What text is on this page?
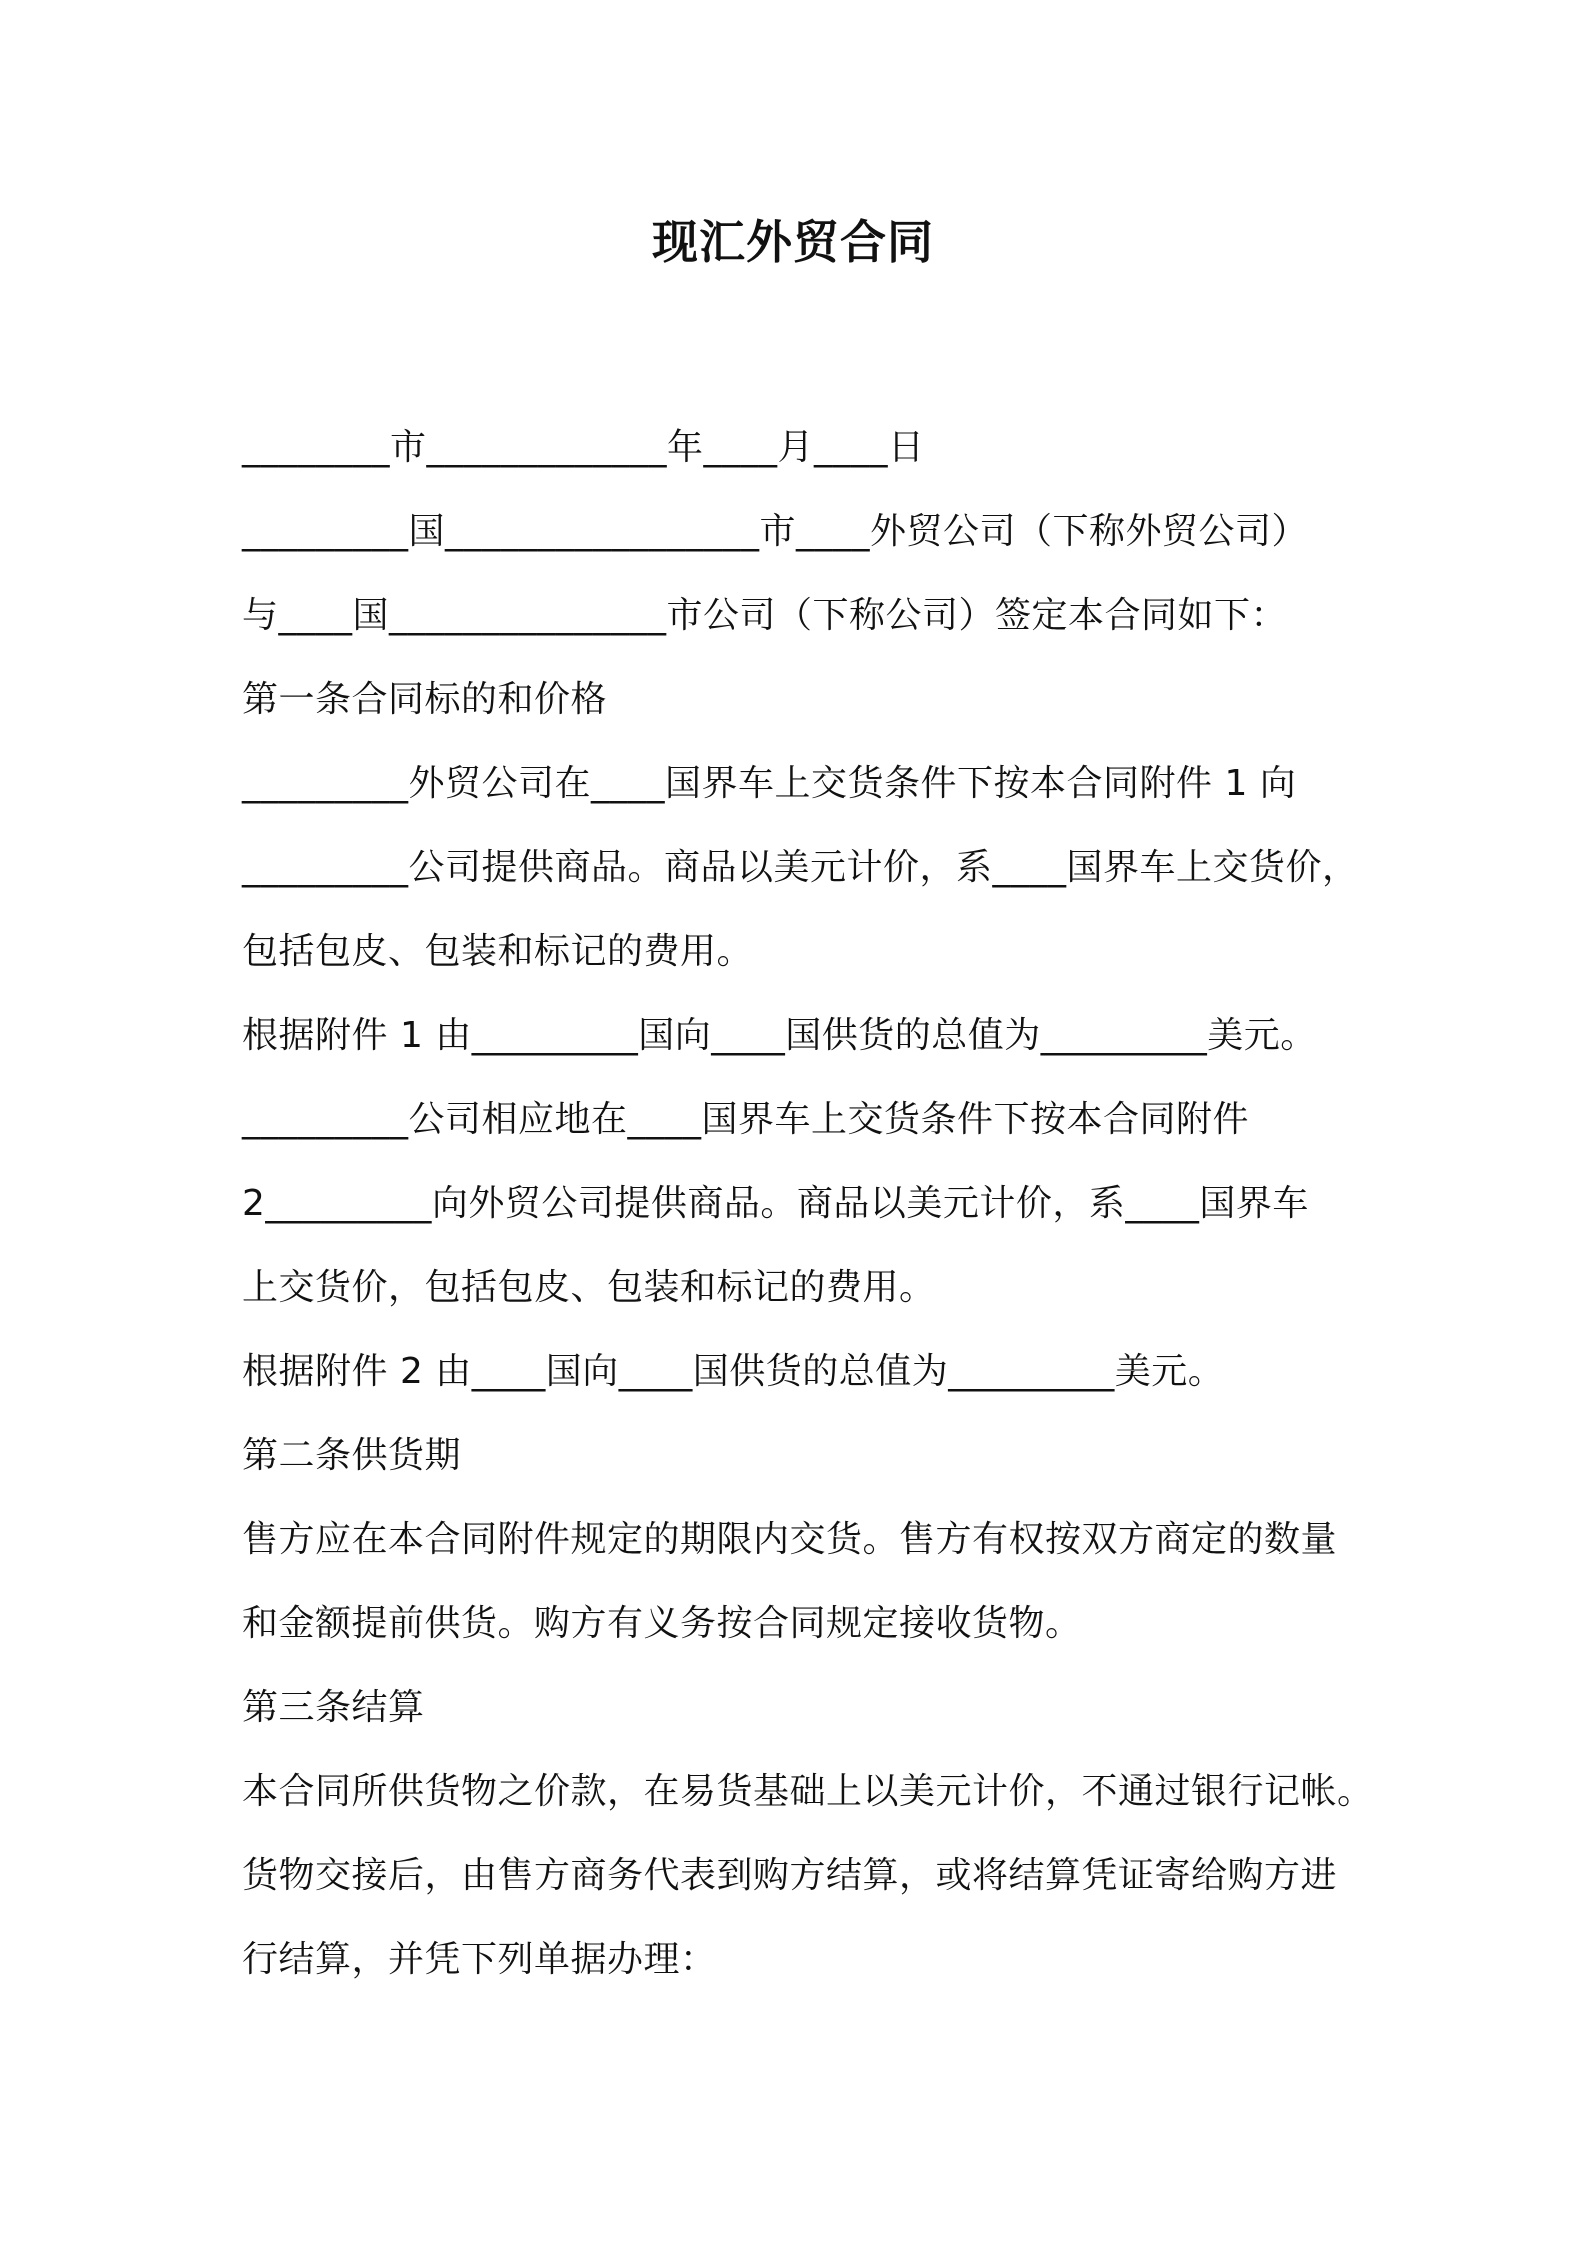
现汇外贸合同
________市_____________年____月____日
_________国_________________市____外贸公司（下称外贸公司）
与____国_______________市公司（下称公司）签定本合同如下：
第一条合同标的和价格
_________外贸公司在____国界车上交货条件下按本合同附件 1 向
_________公司提供商品。商品以美元计价，系____国界车上交货价，
包括包皮、包装和标记的费用。
根据附件 1 由_________国向____国供货的总值为_________美元。
_________公司相应地在____国界车上交货条件下按本合同附件
2_________向外贸公司提供商品。商品以美元计价，系____国界车
上交货价，包括包皮、包装和标记的费用。
根据附件 2 由____国向____国供货的总值为_________美元。
第二条供货期
售方应在本合同附件规定的期限内交货。售方有权按双方商定的数量
和金额提前供货。购方有义务按合同规定接收货物。
第三条结算
本合同所供货物之价款，在易货基础上以美元计价，不通过银行记帐。
货物交接后，由售方商务代表到购方结算，或将结算凭证寄给购方进
行结算，并凭下列单据办理：
